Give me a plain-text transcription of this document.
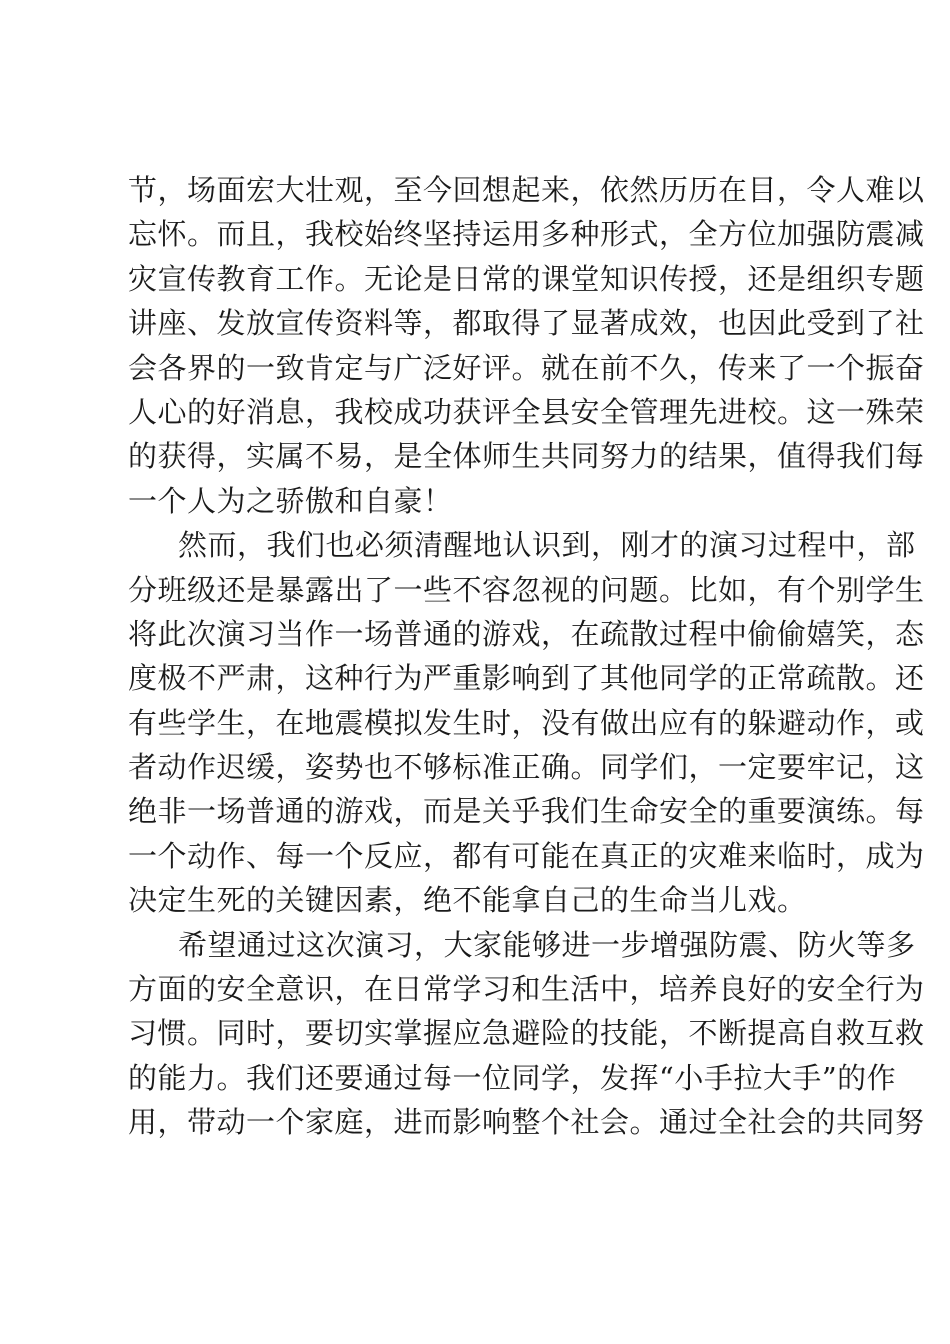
节，场面宏大壮观，至今回想起来，依然历历在目，令人难以
忘怀。而且，我校始终坚持运用多种形式，全方位加强防震减
灾宣传教育工作。无论是日常的课堂知识传授，还是组织专题
讲座、发放宣传资料等，都取得了显著成效，也因此受到了社
会各界的一致肯定与广泛好评。就在前不久，传来了一个振奋
人心的好消息，我校成功获评全县安全管理先进校。这一殊荣
的获得，实属不易，是全体师生共同努力的结果，值得我们每
一个人为之骄傲和自豪！
然而，我们也必须清醒地认识到，刚才的演习过程中，部
分班级还是暴露出了一些不容忽视的问题。比如，有个别学生
将此次演习当作一场普通的游戏，在疏散过程中偷偷嬉笑，态
度极不严肃，这种行为严重影响到了其他同学的正常疏散。还
有些学生，在地震模拟发生时，没有做出应有的躲避动作，或
者动作迟缓，姿势也不够标准正确。同学们，一定要牢记，这
绝非一场普通的游戏，而是关乎我们生命安全的重要演练。每
一个动作、每一个反应，都有可能在真正的灾难来临时，成为
决定生死的关键因素，绝不能拿自己的生命当儿戏。
希望通过这次演习，大家能够进一步增强防震、防火等多
方面的安全意识，在日常学习和生活中，培养良好的安全行为
习惯。同时，要切实掌握应急避险的技能，不断提高自救互救
的能力。我们还要通过每一位同学，发挥“小手拉大手”的作
用，带动一个家庭，进而影响整个社会。通过全社会的共同努
